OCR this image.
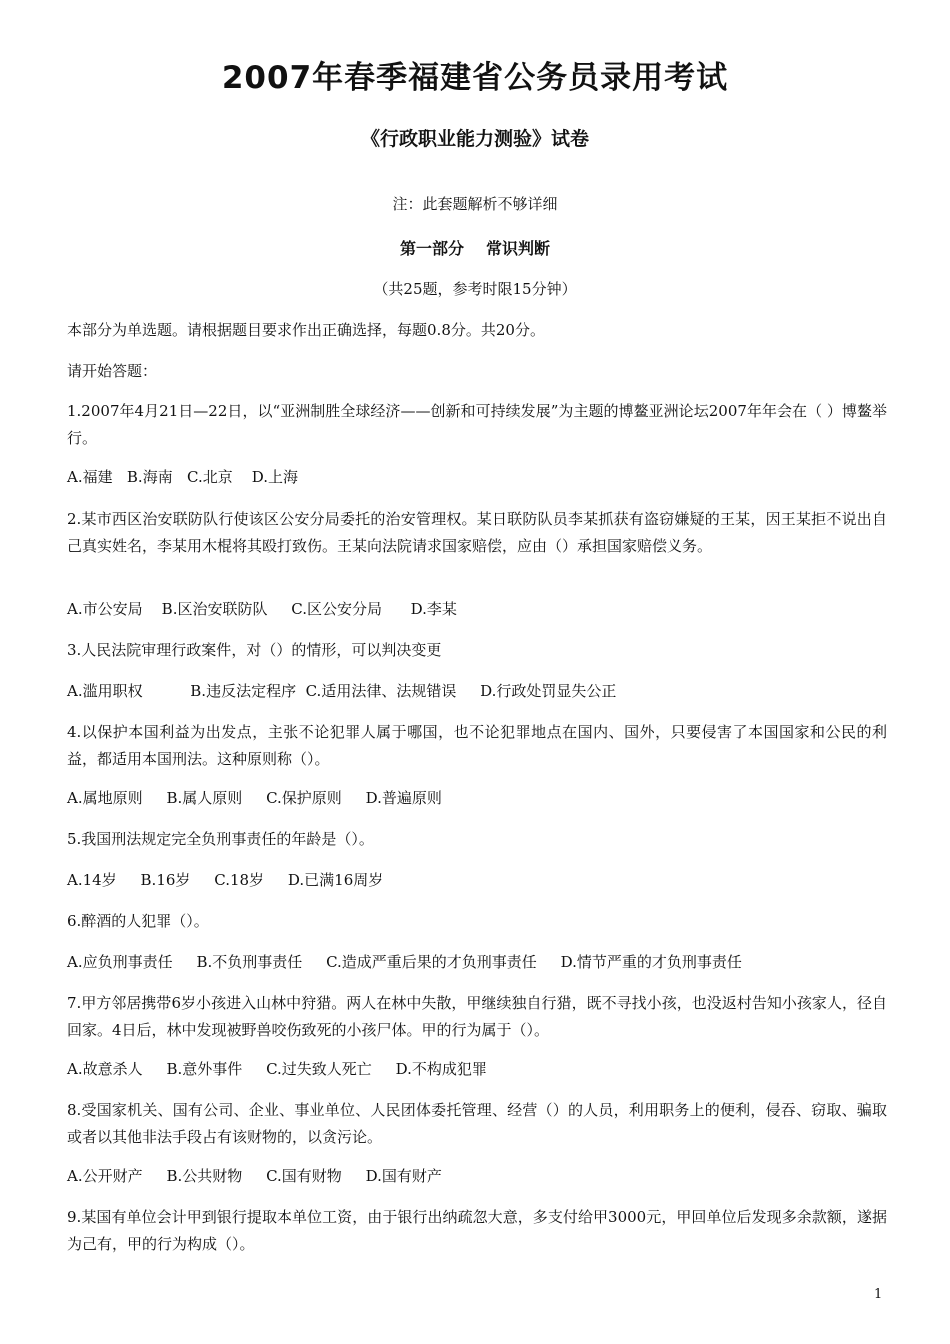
2007年春季福建省公务员录用考试
《行政职业能力测验》试卷
注：此套题解析不够详细
第一部分 常识判断
（共25题，参考时限15分钟）
本部分为单选题。请根据题目要求作出正确选择，每题0.8分。共20分。
请开始答题：
1.2007年4月21日—22日，以“亚洲制胜全球经济——创新和可持续发展”为主题的博鳌亚洲论坛2007年年会在（ ）博鳌举行。
A.福建   B.海南   C.北京    D.上海
2.某市西区治安联防队行使该区公安分局委托的治安管理权。某日联防队员李某抓获有盗窃嫌疑的王某，因王某拒不说出自己真实姓名，李某用木棍将其殴打致伤。王某向法院请求国家赔偿，应由（）承担国家赔偿义务。
A.市公安局    B.区治安联防队     C.区公安分局      D.李某
3.人民法院审理行政案件，对（）的情形，可以判决变更
A.滥用职权          B.违反法定程序  C.适用法律、法规错误     D.行政处罚显失公正
4.以保护本国利益为出发点，主张不论犯罪人属于哪国，也不论犯罪地点在国内、国外，只要侵害了本国国家和公民的利益，都适用本国刑法。这种原则称（）。
A.属地原则     B.属人原则     C.保护原则     D.普遍原则
5.我国刑法规定完全负刑事责任的年龄是（）。
A.14岁     B.16岁     C.18岁     D.已满16周岁
6.醉酒的人犯罪（）。
A.应负刑事责任     B.不负刑事责任     C.造成严重后果的才负刑事责任     D.情节严重的才负刑事责任
7.甲方邻居携带6岁小孩进入山林中狩猎。两人在林中失散，甲继续独自行猎，既不寻找小孩，也没返村告知小孩家人，径自回家。4日后，林中发现被野兽咬伤致死的小孩尸体。甲的行为属于（）。
A.故意杀人     B.意外事件     C.过失致人死亡     D.不构成犯罪
8.受国家机关、国有公司、企业、事业单位、人民团体委托管理、经营（）的人员，利用职务上的便利，侵吞、窃取、骗取或者以其他非法手段占有该财物的，以贪污论。
A.公开财产     B.公共财物     C.国有财物     D.国有财产
9.某国有单位会计甲到银行提取本单位工资，由于银行出纳疏忽大意，多支付给甲3000元，甲回单位后发现多余款额，遂据为己有，甲的行为构成（）。
1
